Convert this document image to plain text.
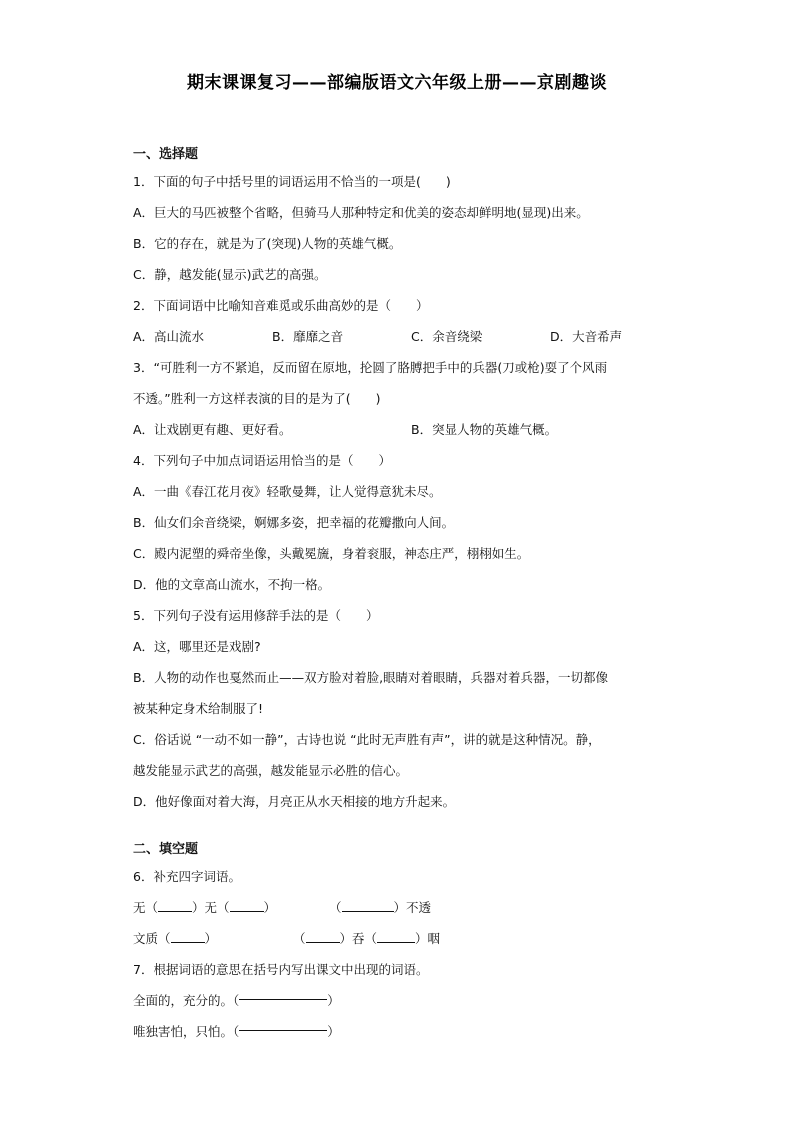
期末课课复习——部编版语文六年级上册——京剧趣谈
一、选择题
1．下面的句子中括号里的词语运用不恰当的一项是(　　)
A．巨大的马匹被整个省略，但骑马人那种特定和优美的姿态却鲜明地(显现)出来。
B．它的存在，就是为了(突现)人物的英雄气概。
C．静，越发能(显示)武艺的高强。
2．下面词语中比喻知音难觅或乐曲高妙的是（　　）
A．高山流水	B．靡靡之音	C．余音绕梁	D．大音希声
3．“可胜利一方不紧追，反而留在原地，抡圆了胳膊把手中的兵器(刀或枪)耍了个风雨
不透。”胜利一方这样表演的目的是为了(　　)
A．让戏剧更有趣、更好看。	B．突显人物的英雄气概。
4．下列句子中加点词语运用恰当的是（　　）
A．一曲《春江花月夜》轻歌曼舞，让人觉得意犹未尽。
B．仙女们余音绕梁，婀娜多姿，把幸福的花瓣撒向人间。
C．殿内泥塑的舜帝坐像，头戴冕旒，身着衮服，神态庄严，栩栩如生。
D．他的文章高山流水，不拘一格。
5．下列句子没有运用修辞手法的是（　　）
A．这，哪里还是戏剧?
B．人物的动作也戛然而止——双方脸对着脸,眼睛对着眼睛，兵器对着兵器，一切都像
被某种定身术给制服了!
C．俗话说 “一动不如一静”，古诗也说 “此时无声胜有声”，讲的就是这种情况。静，
越发能显示武艺的高强，越发能显示必胜的信心。
D．他好像面对着大海，月亮正从水天相接的地方升起来。
二、填空题
6．补充四字词语。
无（	）无（	）	（	）不透
文质（	）	（	）吞（	）咽
7．根据词语的意思在括号内写出课文中出现的词语。
全面的，充分的。（	）
唯独害怕，只怕。（	）
